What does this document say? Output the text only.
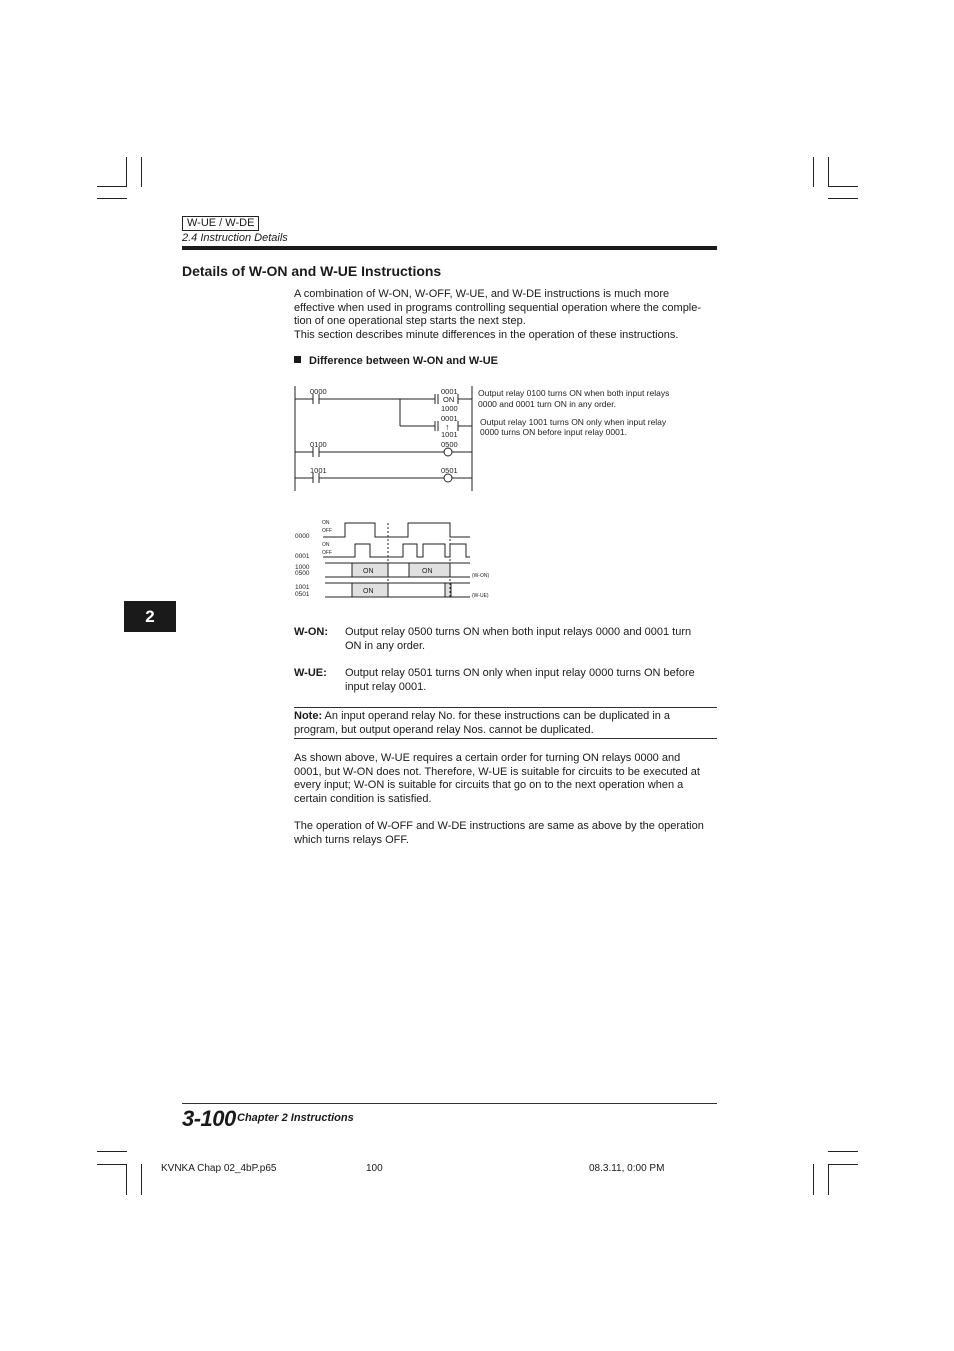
W-UE / W-DE
2.4 Instruction Details
Details of W-ON and W-UE Instructions
A combination of W-ON, W-OFF, W-UE, and W-DE instructions is much more
effective when used in programs controlling sequential operation where the comple-
tion of one operational step starts the next step.
This section describes minute differences in the operation of these instructions.
Difference between W-ON and W-UE
0000	0001
ON
1000
0001
↑
1001
0100	0500
1001	0501
Output relay 0100 turns ON when both input relays
0000 and 0001 turn ON in any order.
Output relay 1001 turns ON only when input relay
0000 turns ON before input relay 0001.
0000
0001
1000
0500
1001
0501
ON
OFF
ON
OFF
(W-ON)
(W-UE)
ON	ON
ON
2
W-ON: Output relay 0500 turns ON when both input relays 0000 and 0001 turn
ON in any order.
W-UE: Output relay 0501 turns ON only when input relay 0000 turns ON before
input relay 0001.
Note: An input operand relay No. for these instructions can be duplicated in a
program, but output operand relay Nos. cannot be duplicated.
As shown above, W-UE requires a certain order for turning ON relays 0000 and
0001, but W-ON does not. Therefore, W-UE is suitable for circuits to be executed at
every input; W-ON is suitable for circuits that go on to the next operation when a
certain condition is satisfied.
The operation of W-OFF and W-DE instructions are same as above by the operation
which turns relays OFF.
3-100 Chapter 2 Instructions
KVNKA Chap 02_4bP.p65	100	08.3.11, 0:00 PM
